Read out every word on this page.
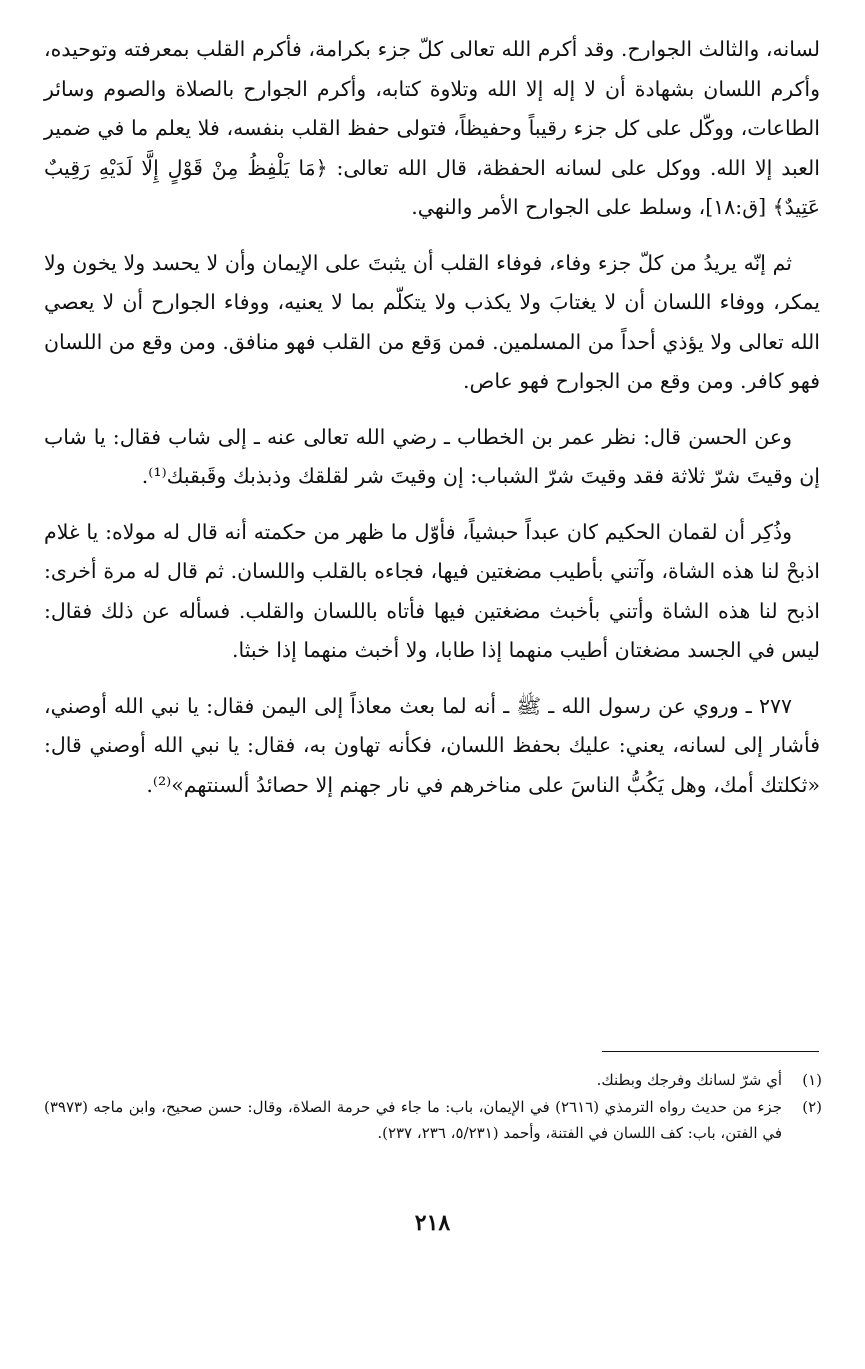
لسانه، والثالث الجوارح. وقد أكرم الله تعالى كلّ جزء بكرامة، فأكرم القلب بمعرفته وتوحيده، وأكرم اللسان بشهادة أن لا إله إلا الله وتلاوة كتابه، وأكرم الجوارح بالصلاة والصوم وسائر الطاعات، ووكّل على كل جزء رقيباً وحفيظاً، فتولى حفظ القلب بنفسه، فلا يعلم ما في ضمير العبد إلا الله. ووكل على لسانه الحفظة، قال الله تعالى: ﴿مَا يَلْفِظُ مِنْ قَوْلٍ إِلَّا لَدَيْهِ رَقِيبٌ عَتِيدٌ﴾ [ق:١٨]، وسلط على الجوارح الأمر والنهي.

ثم إنّه يريدُ من كلّ جزء وفاء، فوفاء القلب أن يثبتَ على الإيمان وأن لا يحسد ولا يخون ولا يمكر، ووفاء اللسان أن لا يغتابَ ولا يكذب ولا يتكلّم بما لا يعنيه، ووفاء الجوارح أن لا يعصي الله تعالى ولا يؤذي أحداً من المسلمين. فمن وَقع من القلب فهو منافق. ومن وقع من اللسان فهو كافر. ومن وقع من الجوارح فهو عاص.

وعن الحسن قال: نظر عمر بن الخطاب ـ رضي الله تعالى عنه ـ إلى شاب فقال: يا شاب إن وقيتَ شرّ ثلاثة فقد وقيتَ شرّ الشباب: إن وقيتَ شر لقلقك وذبذبك وقَبقبك⁽¹⁾.

وذُكِر أن لقمان الحكيم كان عبداً حبشياً، فأوّل ما ظهر من حكمته أنه قال له مولاه: يا غلام اذبحْ لنا هذه الشاة، وآتني بأطيب مضغتين فيها، فجاءه بالقلب واللسان. ثم قال له مرة أخرى: اذبح لنا هذه الشاة وأتني بأخبث مضغتين فيها فأتاه باللسان والقلب. فسأله عن ذلك فقال: ليس في الجسد مضغتان أطيب منهما إذا طابا، ولا أخبث منهما إذا خبثا.

٢٧٧ ـ وروي عن رسول الله ـ ﷺ ـ أنه لما بعث معاذاً إلى اليمن فقال: يا نبي الله أوصني، فأشار إلى لسانه، يعني: عليك بحفظ اللسان، فكأنه تهاون به، فقال: يا نبي الله أوصني قال: «ثكلتك أمك، وهل يَكُبُّ الناسَ على مناخرهم في نار جهنم إلا حصائدُ ألسنتهم»⁽²⁾.

(١)
أي شرّ لسانك وفرجك وبطنك.
(٢)
جزء من حديث رواه الترمذي (٢٦١٦) في الإيمان، باب: ما جاء في حرمة الصلاة، وقال: حسن صحيح، وابن ماجه (٣٩٧٣) في الفتن، باب: كف اللسان في الفتنة، وأحمد (٥/٢٣١، ٢٣٦، ٢٣٧).
٢١٨
